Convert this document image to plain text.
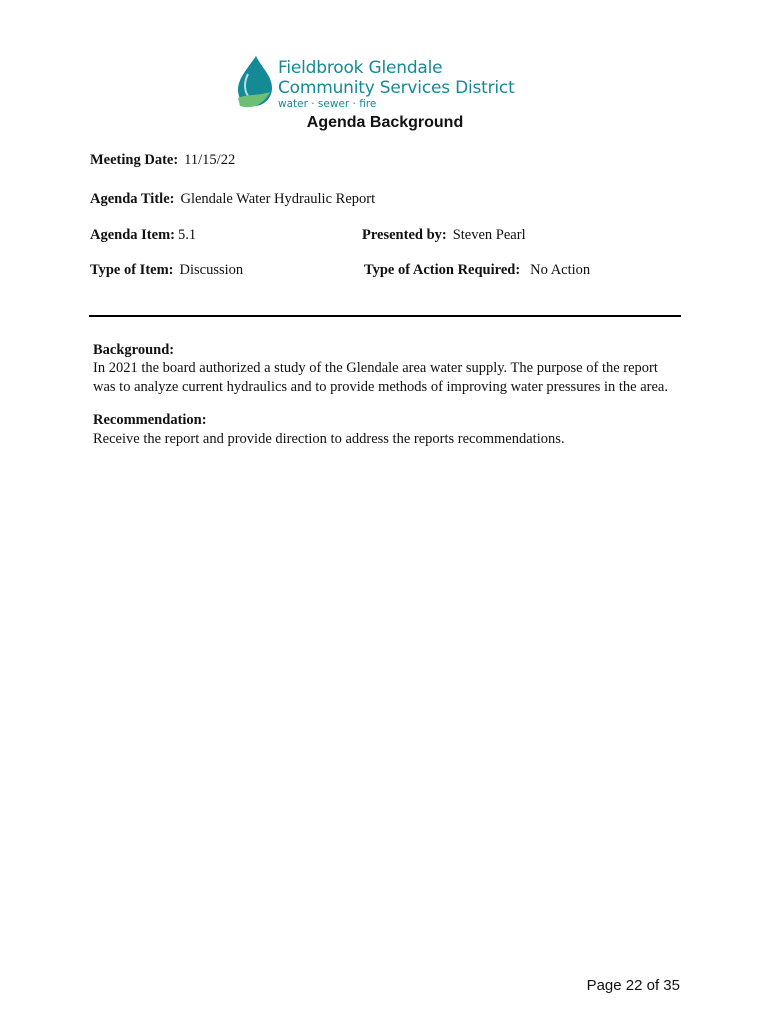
Fieldbrook Glendale
Community Services District
water · sewer · fire
Agenda Background
Meeting Date: 11/15/22
Agenda Title: Glendale Water Hydraulic Report
Agenda Item: 5.1	Presented by: Steven Pearl
Type of Item: Discussion	Type of Action Required: No Action
Background:
In 2021 the board authorized a study of the Glendale area water supply. The purpose of the report
was to analyze current hydraulics and to provide methods of improving water pressures in the area.
Recommendation:
Receive the report and provide direction to address the reports recommendations.
Page 22 of 35
